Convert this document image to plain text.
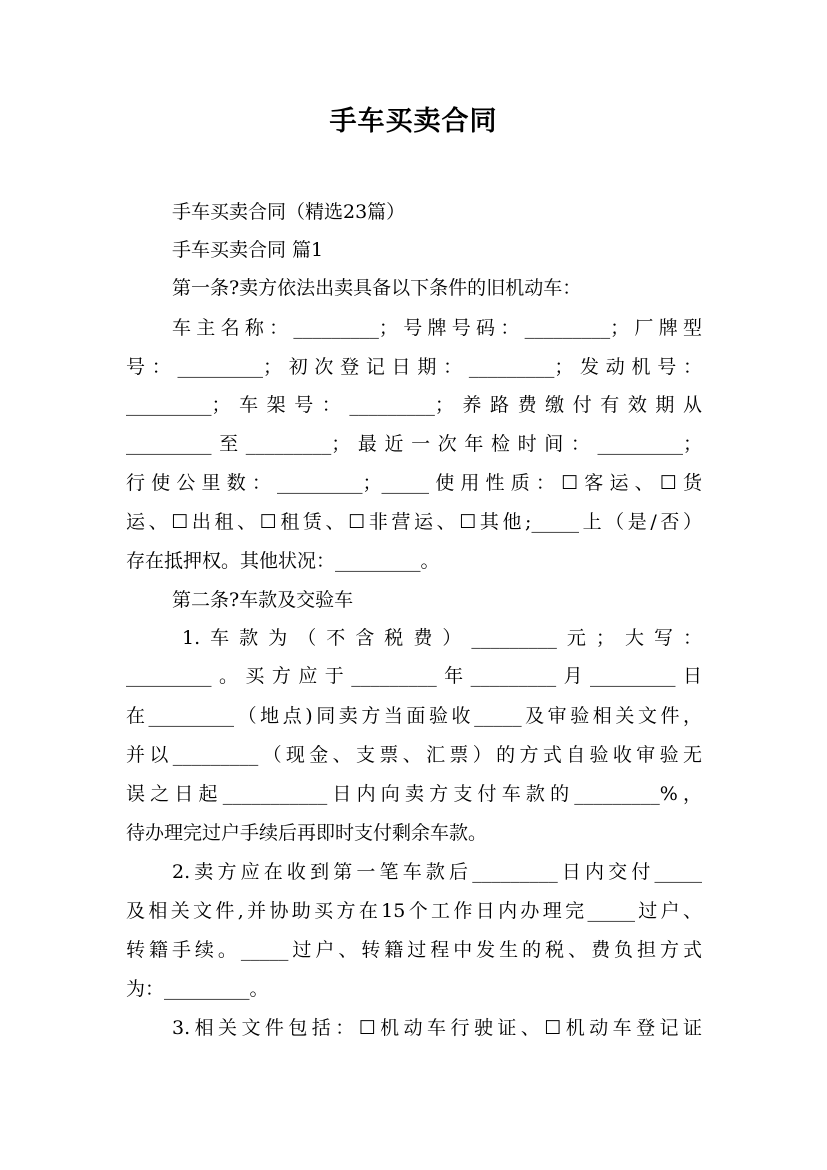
手车买卖合同
手车买卖合同（精选23篇）
手车买卖合同 篇1
第一条?卖方依法出卖具备以下条件的旧机动车：
车主名称：_________；号牌号码：_________；厂牌型
号：_________；初次登记日期：_________；发动机号：
_________；车架号：_________；养路费缴付有效期从
_________至_________；最近一次年检时间：_________；
行使公里数：_________；_____使用性质：☐客运、☐货
运、☐出租、☐租赁、☐非营运、☐其他;_____上（是/否）
存在抵押权。其他状况：_________。
第二条?车款及交验车
1.车款为（不含税费）_________元；大写：
_________。买方应于_________年_________月_________日
在_________（地点)同卖方当面验收_____及审验相关文件，
并以_________（现金、支票、汇票）的方式自验收审验无
误之日起___________日内向卖方支付车款的_________%，
待办理完过户手续后再即时支付剩余车款。
2.卖方应在收到第一笔车款后_________日内交付_____
及相关文件,并协助买方在15个工作日内办理完_____过户、
转籍手续。_____过户、转籍过程中发生的税、费负担方式
为：_________。
3.相关文件包括：☐机动车行驶证、☐机动车登记证
